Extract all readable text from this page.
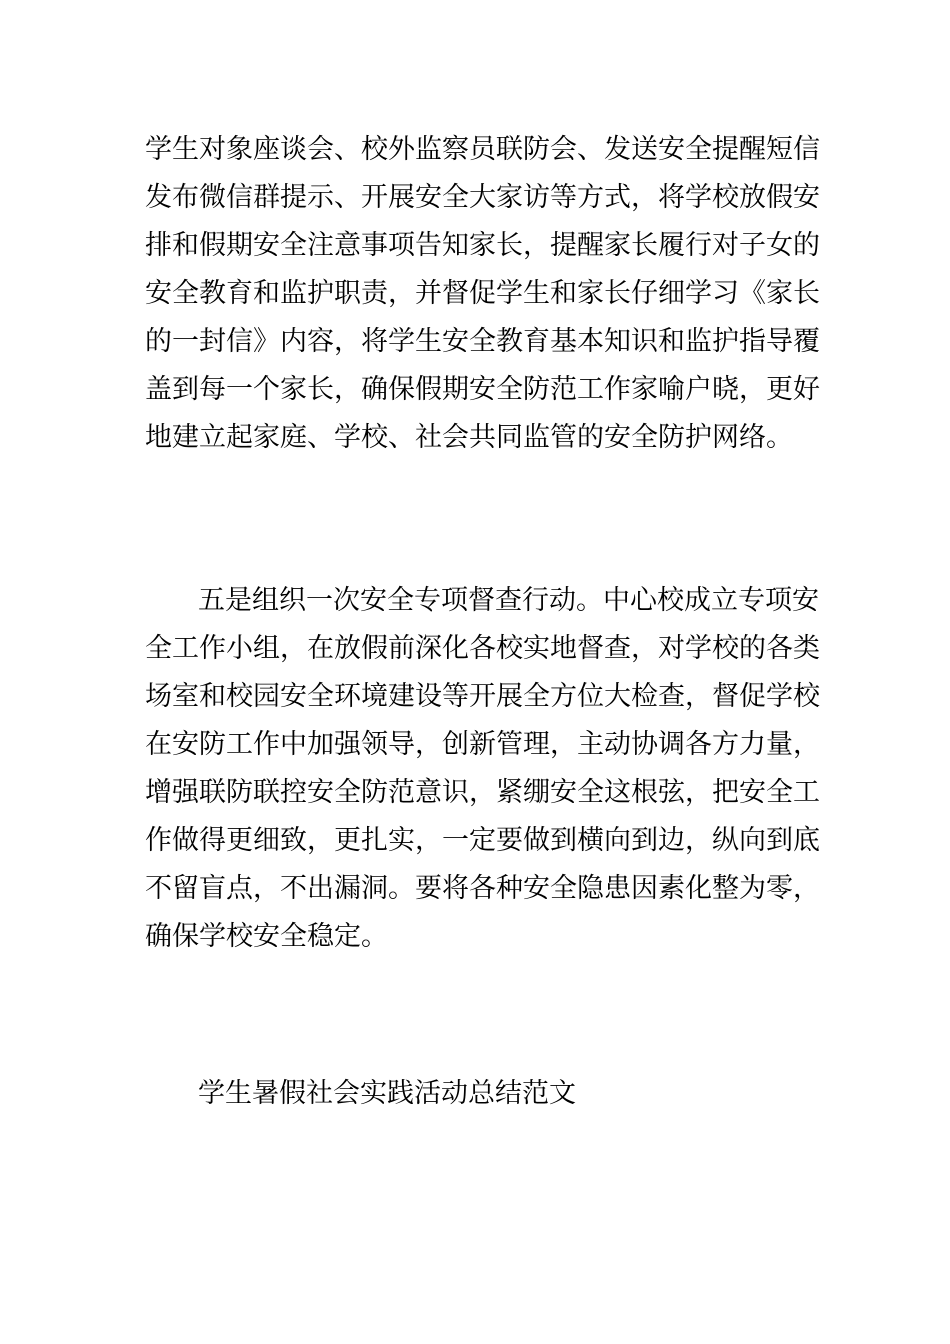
学生对象座谈会、校外监察员联防会、发送安全提醒短信
发布微信群提示、开展安全大家访等方式，将学校放假安
排和假期安全注意事项告知家长，提醒家长履行对子女的
安全教育和监护职责，并督促学生和家长仔细学习《家长
的一封信》内容，将学生安全教育基本知识和监护指导覆
盖到每一个家长，确保假期安全防范工作家喻户晓，更好
地建立起家庭、学校、社会共同监管的安全防护网络。
五是组织一次安全专项督查行动。中心校成立专项安
全工作小组，在放假前深化各校实地督查，对学校的各类
场室和校园安全环境建设等开展全方位大检查，督促学校
在安防工作中加强领导，创新管理，主动协调各方力量，
增强联防联控安全防范意识，紧绷安全这根弦，把安全工
作做得更细致，更扎实，一定要做到横向到边，纵向到底
不留盲点，不出漏洞。要将各种安全隐患因素化整为零，
确保学校安全稳定。
学生暑假社会实践活动总结范文
